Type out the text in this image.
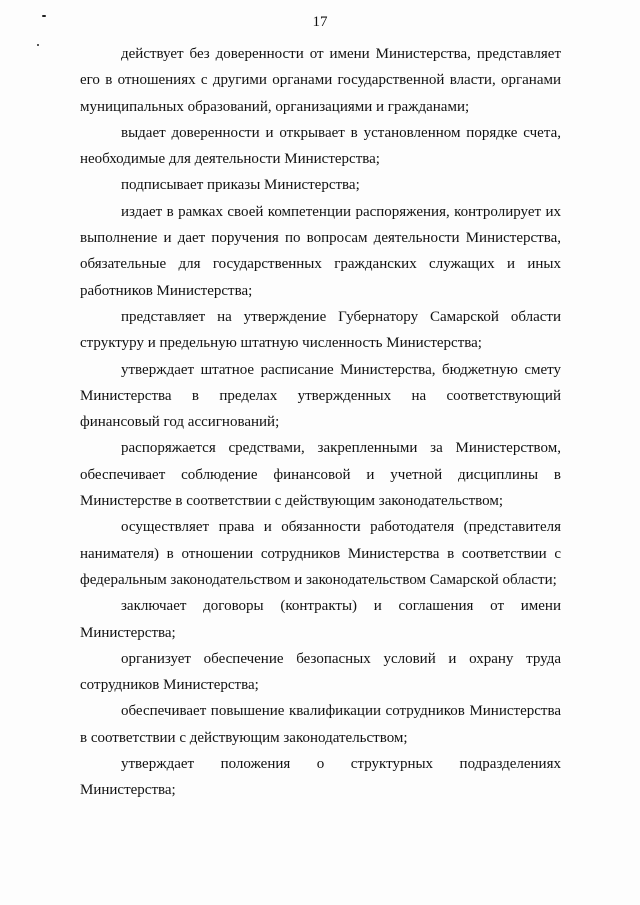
17

действует без доверенности от имени Министерства, представляет его в отношениях с другими органами государственной власти, органами муниципальных образований, организациями и гражданами;

выдает доверенности и открывает в установленном порядке счета, необходимые для деятельности Министерства;

подписывает приказы Министерства;

издает в рамках своей компетенции распоряжения, контролирует их выполнение и дает поручения по вопросам деятельности Министерства, обязательные для государственных гражданских служащих и иных работников Министерства;

представляет на утверждение Губернатору Самарской области структуру и предельную штатную численность Министерства;

утверждает штатное расписание Министерства, бюджетную смету Министерства в пределах утвержденных на соответствующий финансовый год ассигнований;

распоряжается средствами, закрепленными за Министерством, обеспечивает соблюдение финансовой и учетной дисциплины в Министерстве в соответствии с действующим законодательством;

осуществляет права и обязанности работодателя (представителя нанимателя) в отношении сотрудников Министерства в соответствии с федеральным законодательством и законодательством Самарской области;

заключает договоры (контракты) и соглашения от имени Министерства;

организует обеспечение безопасных условий и охрану труда сотрудников Министерства;

обеспечивает повышение квалификации сотрудников Министерства в соответствии с действующим законодательством;

утверждает положения о структурных подразделениях Министерства;
